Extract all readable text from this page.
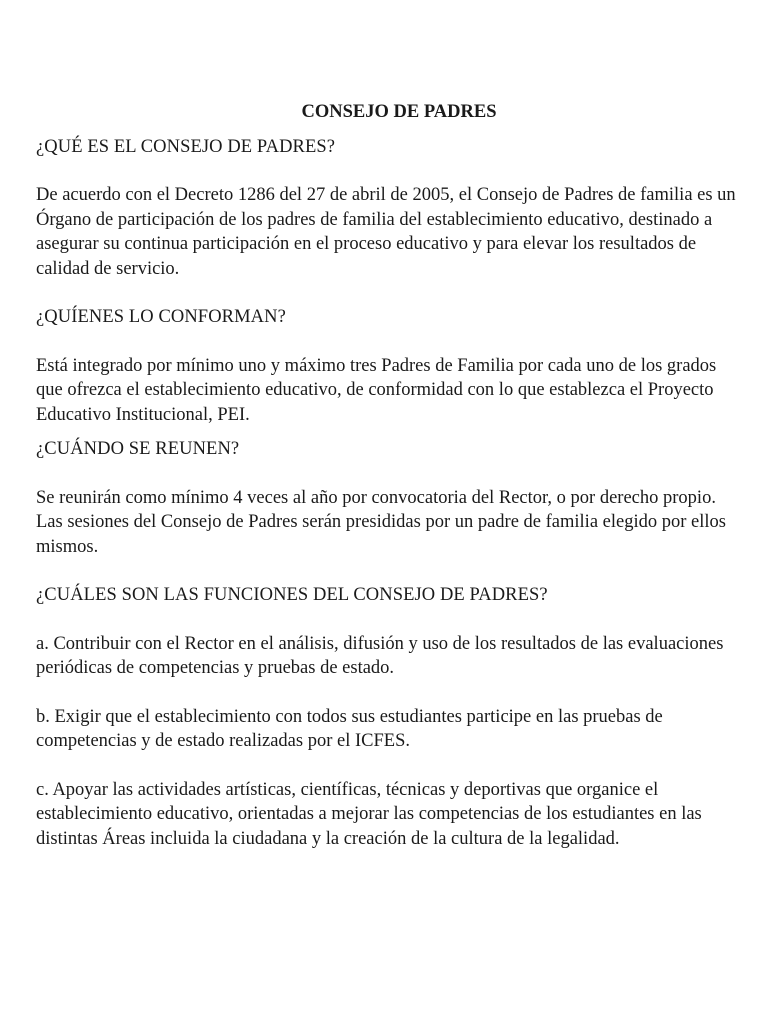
CONSEJO DE PADRES

¿QUÉ ES EL CONSEJO DE PADRES?

De acuerdo con el Decreto 1286 del 27 de abril de 2005, el Consejo de Padres de familia es un Órgano de participación de los padres de familia del establecimiento educativo, destinado a asegurar su continua participación en el proceso educativo y para elevar los resultados de calidad de servicio.

¿QUÍENES LO CONFORMAN?

Está integrado por mínimo uno y máximo tres Padres de Familia por cada uno de los grados que ofrezca el establecimiento educativo, de conformidad con lo que establezca el Proyecto Educativo Institucional, PEI.

¿CUÁNDO SE REUNEN?

Se reunirán como mínimo 4 veces al año por convocatoria del Rector, o por derecho propio. Las sesiones del Consejo de Padres serán presididas por un padre de familia elegido por ellos mismos.

¿CUÁLES SON LAS FUNCIONES DEL CONSEJO DE PADRES?

a. Contribuir con el Rector en el análisis, difusión y uso de los resultados de las evaluaciones periódicas de competencias y pruebas de estado.

b. Exigir que el establecimiento con todos sus estudiantes participe en las pruebas de competencias y de estado realizadas por el ICFES.

c. Apoyar las actividades artísticas, científicas, técnicas y deportivas que organice el establecimiento educativo, orientadas a mejorar las competencias de los estudiantes en las distintas Áreas incluida la ciudadana y la creación de la cultura de la legalidad.
